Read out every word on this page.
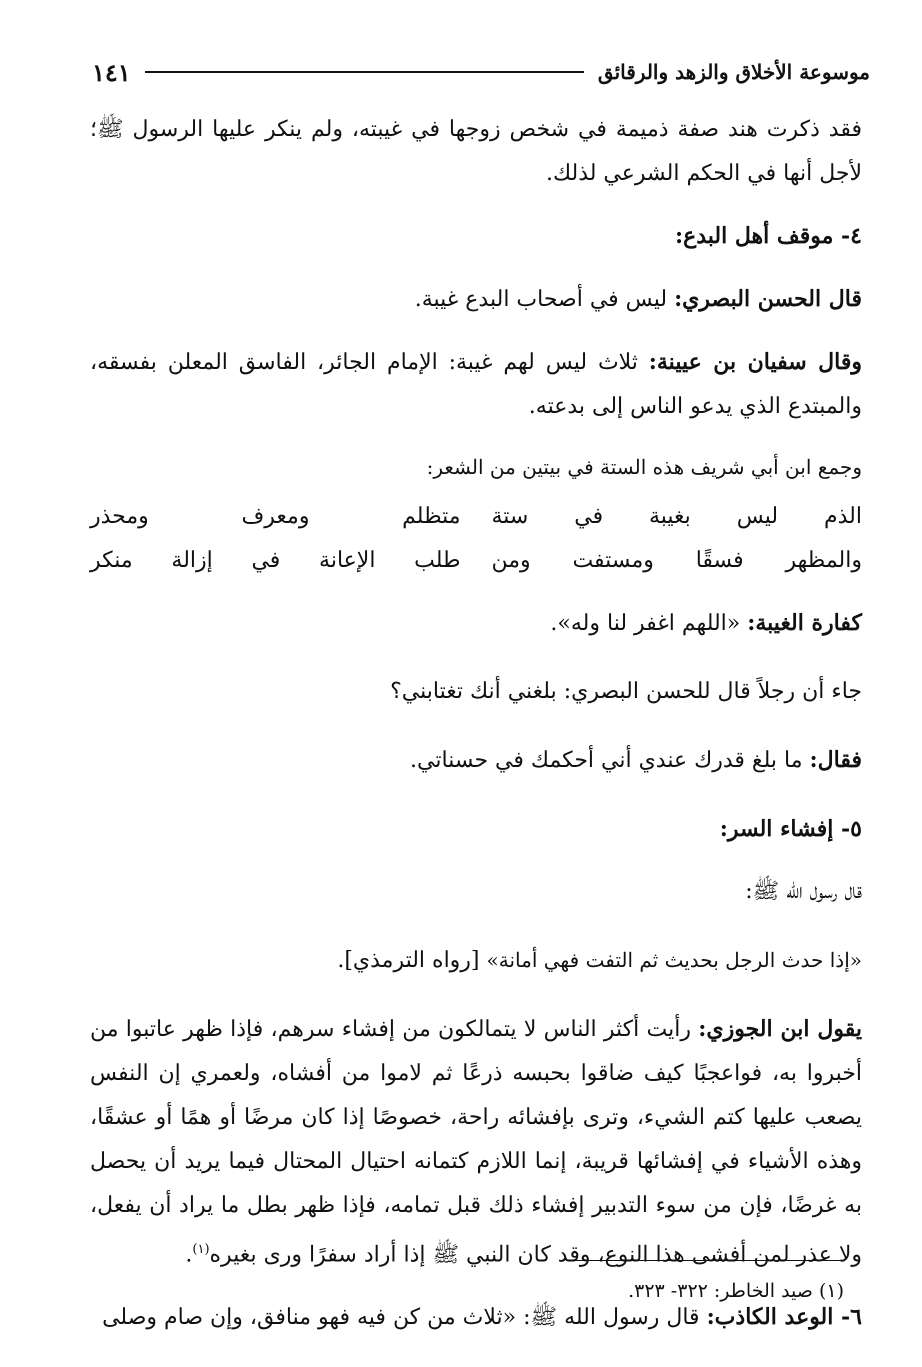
موسوعة الأخلاق والزهد والرقائق
١٤١

فقد ذكرت هند صفة ذميمة في شخص زوجها في غيبته، ولم ينكر عليها الرسول ﷺ؛ لأجل أنها في الحكم الشرعي لذلك.

٤- موقف أهل البدع:

قال الحسن البصري: ليس في أصحاب البدع غيبة.

وقال سفيان بن عيينة: ثلاث ليس لهم غيبة: الإمام الجائر، الفاسق المعلن بفسقه، والمبتدع الذي يدعو الناس إلى بدعته.

وجمع ابن أبي شريف هذه الستة في بيتين من الشعر:

الذم ليس بغيبة في ستة
متظلم ومعرف ومحذر
والمظهر فسقًا ومستفت ومن
طلب الإعانة في إزالة منكر

كفارة الغيبة: «اللهم اغفر لنا وله».

جاء أن رجلاً قال للحسن البصري: بلغني أنك تغتابني؟

فقال: ما بلغ قدرك عندي أني أحكمك في حسناتي.

٥- إفشاء السر:

قال رسول الله ﷺ:

«إذا حدث الرجل بحديث ثم التفت فهي أمانة» [رواه الترمذي].

يقول ابن الجوزي: رأيت أكثر الناس لا يتمالكون من إفشاء سرهم، فإذا ظهر عاتبوا من أخبروا به، فواعجبًا كيف ضاقوا بحبسه ذرعًا ثم لاموا من أفشاه، ولعمري إن النفس يصعب عليها كتم الشيء، وترى بإفشائه راحة، خصوصًا إذا كان مرضًا أو همًا أو عشقًا، وهذه الأشياء في إفشائها قريبة، إنما اللازم كتمانه احتيال المحتال فيما يريد أن يحصل به غرضًا، فإن من سوء التدبير إفشاء ذلك قبل تمامه، فإذا ظهر بطل ما يراد أن يفعل، ولا عذر لمن أفشى هذا النوع، وقد كان النبي ﷺ إذا أراد سفرًا ورى بغيره$^{(١)}$.

٦- الوعد الكاذب: قال رسول الله ﷺ: «ثلاث من كن فيه فهو منافق، وإن صام وصلى

(١) صيد الخاطر: ٣٢٢- ٣٢٣.
